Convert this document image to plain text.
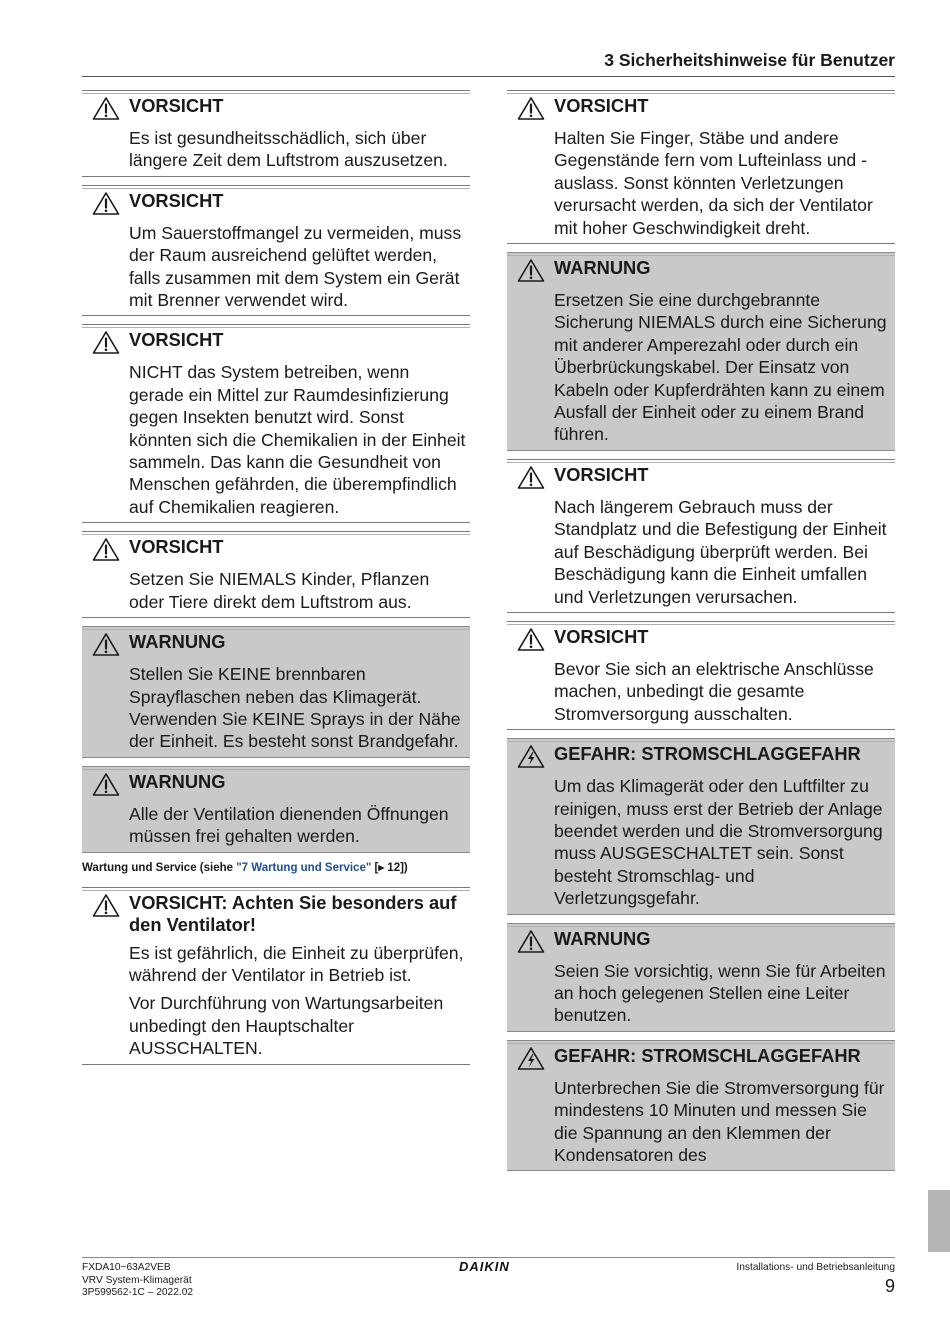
3 Sicherheitshinweise für Benutzer
VORSICHT

Es ist gesundheitsschädlich, sich über längere Zeit dem Luftstrom auszusetzen.

VORSICHT

Um Sauerstoffmangel zu vermeiden, muss der Raum ausreichend gelüftet werden, falls zusammen mit dem System ein Gerät mit Brenner verwendet wird.

VORSICHT

NICHT das System betreiben, wenn gerade ein Mittel zur Raumdesinfizierung gegen Insekten benutzt wird. Sonst könnten sich die Chemikalien in der Einheit sammeln. Das kann die Gesundheit von Menschen gefährden, die überempfindlich auf Chemikalien reagieren.

VORSICHT

Setzen Sie NIEMALS Kinder, Pflanzen oder Tiere direkt dem Luftstrom aus.

WARNUNG

Stellen Sie KEINE brennbaren Sprayflaschen neben das Klimagerät. Verwenden Sie KEINE Sprays in der Nähe der Einheit. Es besteht sonst Brandgefahr.

WARNUNG

Alle der Ventilation dienenden Öffnungen müssen frei gehalten werden.

Wartung und Service (siehe "7 Wartung und Service" [▸ 12])
VORSICHT: Achten Sie besonders auf den Ventilator!

Es ist gefährlich, die Einheit zu überprüfen, während der Ventilator in Betrieb ist.

Vor Durchführung von Wartungsarbeiten unbedingt den Hauptschalter AUSSCHALTEN.

VORSICHT

Halten Sie Finger, Stäbe und andere Gegenstände fern vom Lufteinlass und -auslass. Sonst könnten Verletzungen verursacht werden, da sich der Ventilator mit hoher Geschwindigkeit dreht.

WARNUNG

Ersetzen Sie eine durchgebrannte Sicherung NIEMALS durch eine Sicherung mit anderer Amperezahl oder durch ein Überbrückungskabel. Der Einsatz von Kabeln oder Kupferdrähten kann zu einem Ausfall der Einheit oder zu einem Brand führen.

VORSICHT

Nach längerem Gebrauch muss der Standplatz und die Befestigung der Einheit auf Beschädigung überprüft werden. Bei Beschädigung kann die Einheit umfallen und Verletzungen verursachen.

VORSICHT

Bevor Sie sich an elektrische Anschlüsse machen, unbedingt die gesamte Stromversorgung ausschalten.

GEFAHR: STROMSCHLAGGEFAHR

Um das Klimagerät oder den Luftfilter zu reinigen, muss erst der Betrieb der Anlage beendet werden und die Stromversorgung muss AUSGESCHALTET sein. Sonst besteht Stromschlag- und Verletzungsgefahr.

WARNUNG

Seien Sie vorsichtig, wenn Sie für Arbeiten an hoch gelegenen Stellen eine Leiter benutzen.

GEFAHR: STROMSCHLAGGEFAHR

Unterbrechen Sie die Stromversorgung für mindestens 10 Minuten und messen Sie die Spannung an den Klemmen der Kondensatoren des

FXDA10~63A2VEB
VRV System-Klimagerät
3P599562-1C – 2022.02
DAIKIN	Installations- und Betriebsanleitung
9
